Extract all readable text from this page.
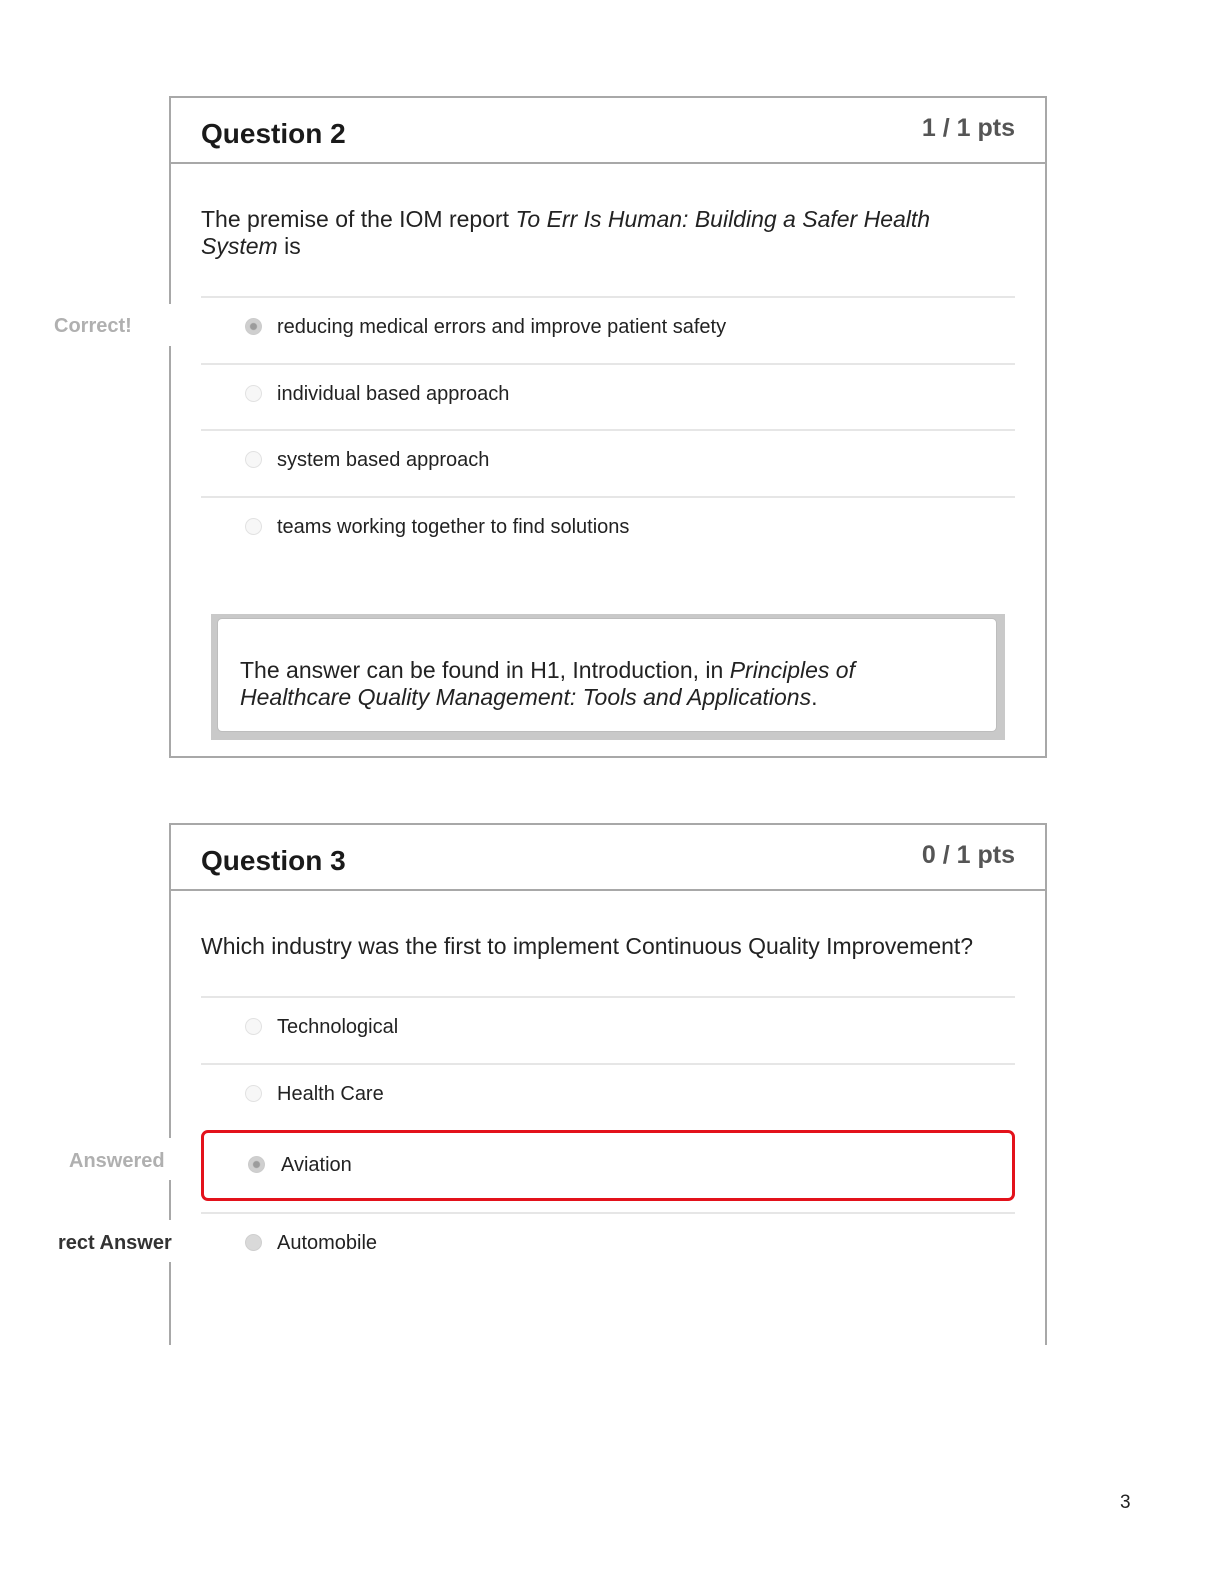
Question 2	1 / 1 pts
The premise of the IOM report To Err Is Human: Building a Safer Health System is
reducing medical errors and improve patient safety
individual based approach
system based approach
teams working together to find solutions
The answer can be found in H1, Introduction, in Principles of Healthcare Quality Management: Tools and Applications.
Correct!
Question 3	0 / 1 pts
Which industry was the first to implement Continuous Quality Improvement?
Technological
Health Care
Aviation
Automobile
Answered
rect Answer
3
